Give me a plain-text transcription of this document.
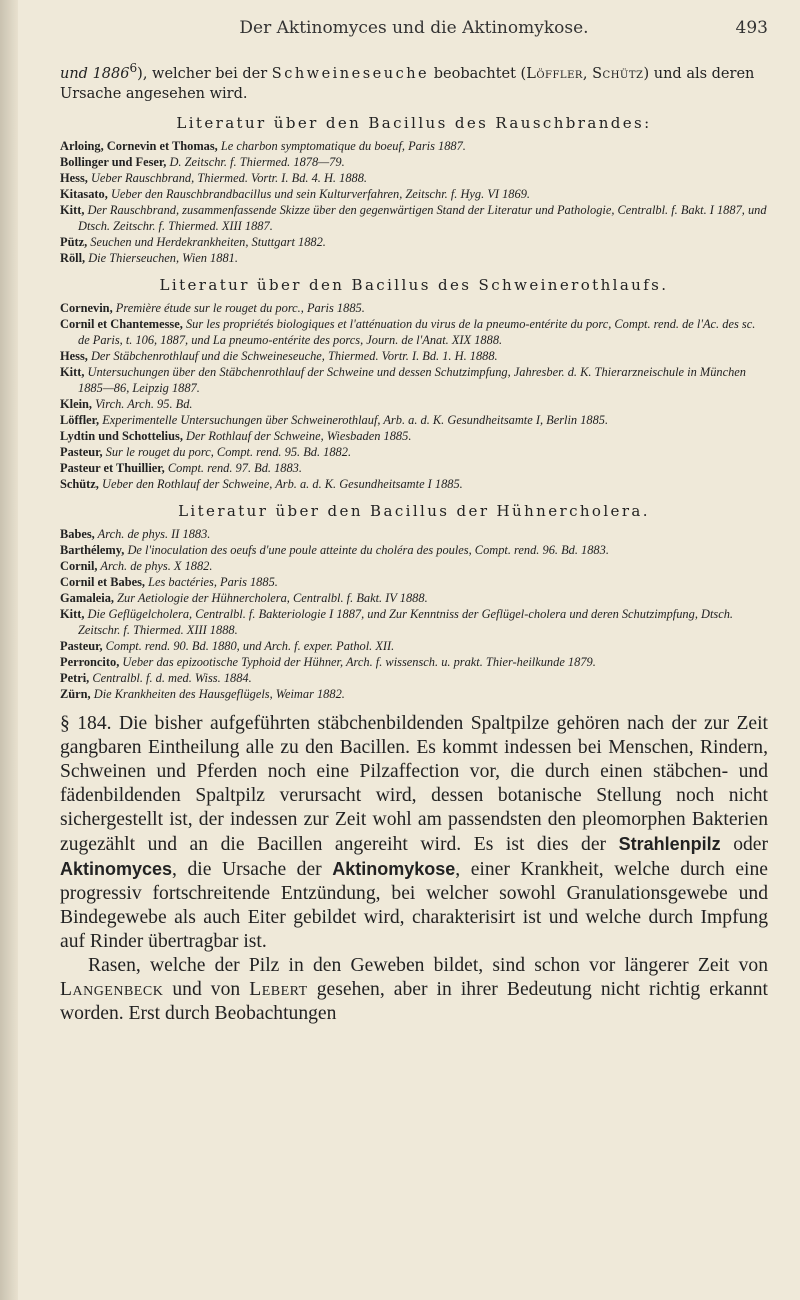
Der Aktinomyces und die Aktinomykose.	493

und 1886$^6$), welcher bei der Schweineseuche beobachtet (Löffler, Schütz) und als deren Ursache angesehen wird.

Literatur über den Bacillus des Rauschbrandes:

Arloing, Cornevin et Thomas, Le charbon symptomatique du boeuf, Paris 1887.

Bollinger und Feser, D. Zeitschr. f. Thiermed. 1878—79.

Hess, Ueber Rauschbrand, Thiermed. Vortr. I. Bd. 4. H. 1888.

Kitasato, Ueber den Rauschbrandbacillus und sein Kulturverfahren, Zeitschr. f. Hyg. VI 1869.

Kitt, Der Rauschbrand, zusammenfassende Skizze über den gegenwärtigen Stand der Literatur und Pathologie, Centralbl. f. Bakt. I 1887, und Dtsch. Zeitschr. f. Thiermed. XIII 1887.

Pütz, Seuchen und Herdekrankheiten, Stuttgart 1882.

Röll, Die Thierseuchen, Wien 1881.

Literatur über den Bacillus des Schweinerothlaufs.

Cornevin, Première étude sur le rouget du porc., Paris 1885.

Cornil et Chantemesse, Sur les propriétés biologiques et l'atténuation du virus de la pneumo-entérite du porc, Compt. rend. de l'Ac. des sc. de Paris, t. 106, 1887, und La pneumo-entérite des porcs, Journ. de l'Anat. XIX 1888.

Hess, Der Stäbchenrothlauf und die Schweineseuche, Thiermed. Vortr. I. Bd. 1. H. 1888.

Kitt, Untersuchungen über den Stäbchenrothlauf der Schweine und dessen Schutzimpfung, Jahresber. d. K. Thierarzneischule in München 1885—86, Leipzig 1887.

Klein, Virch. Arch. 95. Bd.

Löffler, Experimentelle Untersuchungen über Schweinerothlauf, Arb. a. d. K. Gesundheitsamte I, Berlin 1885.

Lydtin und Schottelius, Der Rothlauf der Schweine, Wiesbaden 1885.

Pasteur, Sur le rouget du porc, Compt. rend. 95. Bd. 1882.

Pasteur et Thuillier, Compt. rend. 97. Bd. 1883.

Schütz, Ueber den Rothlauf der Schweine, Arb. a. d. K. Gesundheitsamte I 1885.

Literatur über den Bacillus der Hühnercholera.

Babes, Arch. de phys. II 1883.

Barthélemy, De l'inoculation des oeufs d'une poule atteinte du choléra des poules, Compt. rend. 96. Bd. 1883.

Cornil, Arch. de phys. X 1882.

Cornil et Babes, Les bactéries, Paris 1885.

Gamaleia, Zur Aetiologie der Hühnercholera, Centralbl. f. Bakt. IV 1888.

Kitt, Die Geflügelcholera, Centralbl. f. Bakteriologie I 1887, und Zur Kenntniss der Geflügel-cholera und deren Schutzimpfung, Dtsch. Zeitschr. f. Thiermed. XIII 1888.

Pasteur, Compt. rend. 90. Bd. 1880, und Arch. f. exper. Pathol. XII.

Perroncito, Ueber das epizootische Typhoid der Hühner, Arch. f. wissensch. u. prakt. Thier-heilkunde 1879.

Petri, Centralbl. f. d. med. Wiss. 1884.

Zürn, Die Krankheiten des Hausgeflügels, Weimar 1882.

§ 184. Die bisher aufgeführten stäbchenbildenden Spaltpilze gehören nach der zur Zeit gangbaren Eintheilung alle zu den Bacillen. Es kommt indessen bei Menschen, Rindern, Schweinen und Pferden noch eine Pilzaffection vor, die durch einen stäbchen- und fädenbildenden Spaltpilz verursacht wird, dessen botanische Stellung noch nicht sichergestellt ist, der indessen zur Zeit wohl am passendsten den pleomorphen Bakterien zugezählt und an die Bacillen angereiht wird. Es ist dies der Strahlenpilz oder Aktinomyces, die Ursache der Aktinomykose, einer Krankheit, welche durch eine progressiv fortschreitende Entzündung, bei welcher sowohl Granulationsgewebe und Bindegewebe als auch Eiter gebildet wird, charakterisirt ist und welche durch Impfung auf Rinder übertragbar ist.

Rasen, welche der Pilz in den Geweben bildet, sind schon vor längerer Zeit von Langenbeck und von Lebert gesehen, aber in ihrer Bedeutung nicht richtig erkannt worden. Erst durch Beobachtungen
